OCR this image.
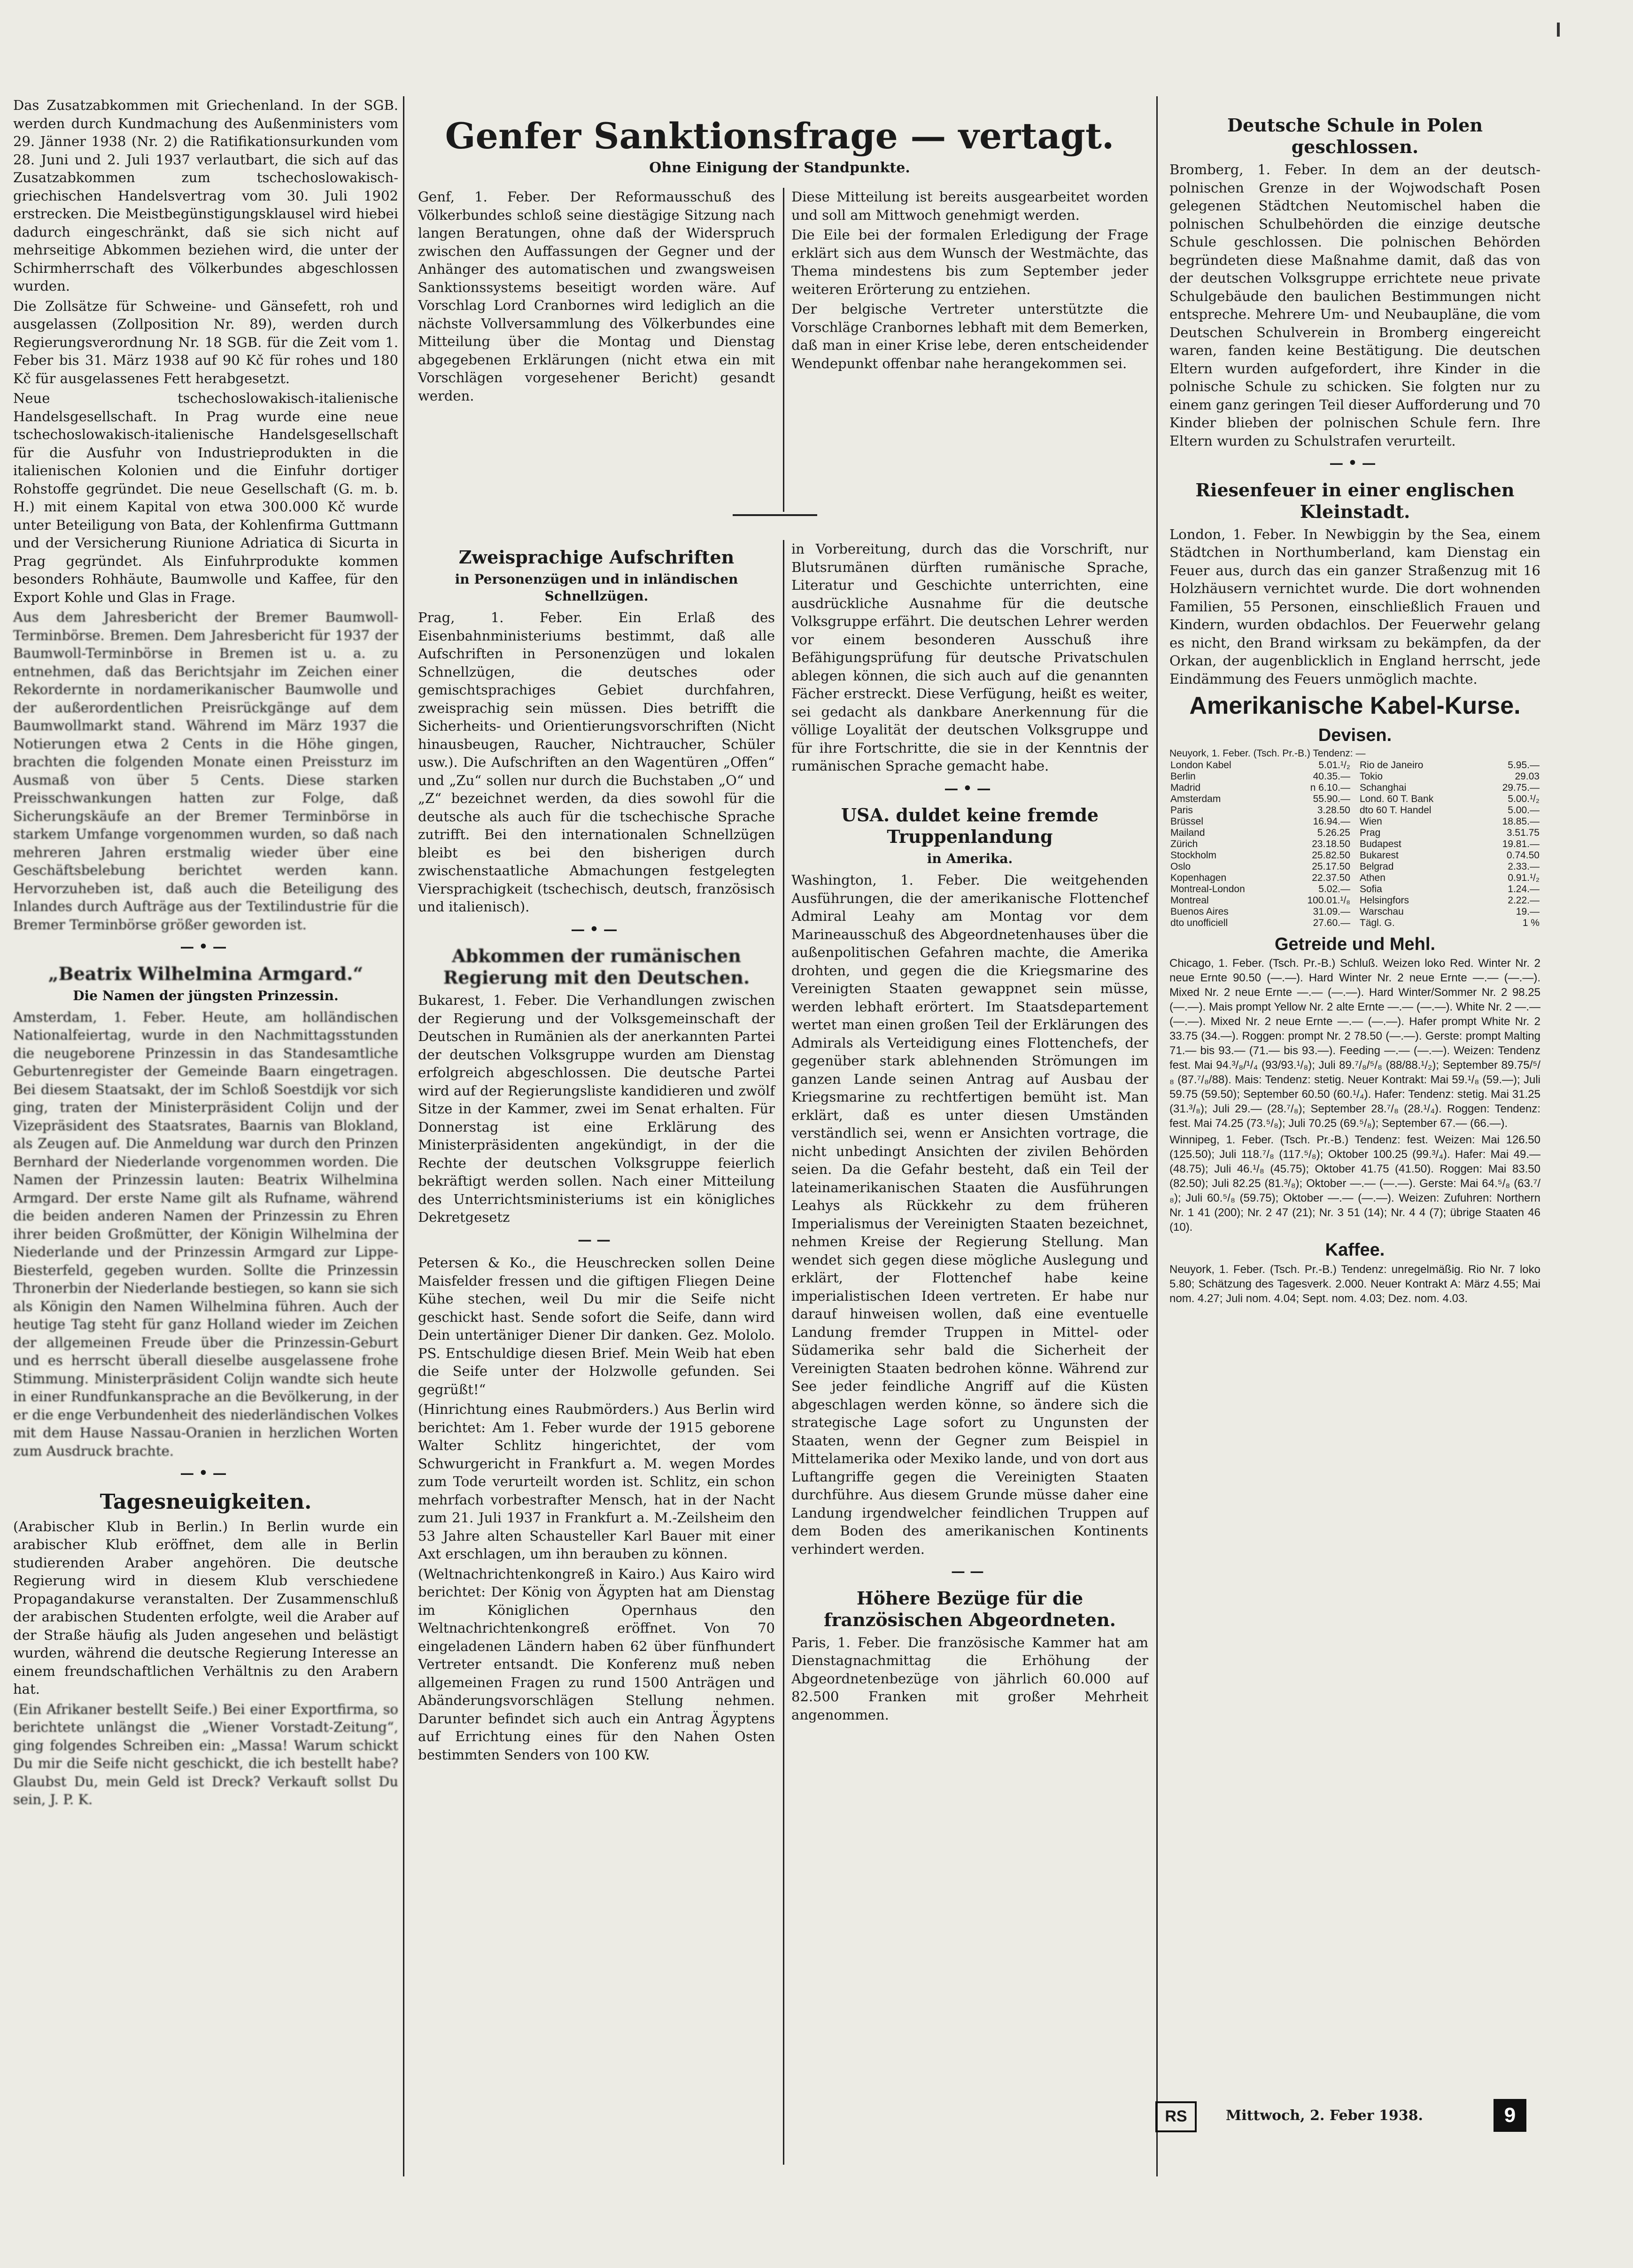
Das Zusatzabkommen mit Griechenland. In der SGB. werden durch Kundmachung des Außenministers vom 29. Jänner 1938 (Nr. 2) die Ratifikationsurkunden vom 28. Juni und 2. Juli 1937 verlautbart, die sich auf das Zusatzabkommen zum tschechoslowakisch-griechischen Handelsvertrag vom 30. Juli 1902 erstrecken. Die Meistbegünstigungsklausel wird hiebei dadurch eingeschränkt, daß sie sich nicht auf mehrseitige Abkommen beziehen wird, die unter der Schirmherrschaft des Völkerbundes abgeschlossen wurden.

Die Zollsätze für Schweine- und Gänsefett, roh und ausgelassen (Zollposition Nr. 89), werden durch Regierungsverordnung Nr. 18 SGB. für die Zeit vom 1. Feber bis 31. März 1938 auf 90 Kč für rohes und 180 Kč für ausgelassenes Fett herabgesetzt.

Neue tschechoslowakisch-italienische Handelsgesellschaft. In Prag wurde eine neue tschechoslowakisch-italienische Handelsgesellschaft für die Ausfuhr von Industrieprodukten in die italienischen Kolonien und die Einfuhr dortiger Rohstoffe gegründet. Die neue Gesellschaft (G. m. b. H.) mit einem Kapital von etwa 300.000 Kč wurde unter Beteiligung von Bata, der Kohlenfirma Guttmann und der Versicherung Riunione Adriatica di Sicurta in Prag gegründet. Als Einfuhrprodukte kommen besonders Rohhäute, Baumwolle und Kaffee, für den Export Kohle und Glas in Frage.

Aus dem Jahresbericht der Bremer Baumwoll-Terminbörse. Bremen. Dem Jahresbericht für 1937 der Baumwoll-Terminbörse in Bremen ist u. a. zu entnehmen, daß das Berichtsjahr im Zeichen einer Rekordernte in nordamerikanischer Baumwolle und der außerordentlichen Preisrückgänge auf dem Baumwollmarkt stand. Während im März 1937 die Notierungen etwa 2 Cents in die Höhe gingen, brachten die folgenden Monate einen Preissturz im Ausmaß von über 5 Cents. Diese starken Preisschwankungen hatten zur Folge, daß Sicherungskäufe an der Bremer Terminbörse in starkem Umfange vorgenommen wurden, so daß nach mehreren Jahren erstmalig wieder über eine Geschäftsbelebung berichtet werden kann. Hervorzuheben ist, daß auch die Beteiligung des Inlandes durch Aufträge aus der Textilindustrie für die Bremer Terminbörse größer geworden ist.

—•—
„Beatrix Wilhelmina Armgard.“
Die Namen der jüngsten Prinzessin.

Amsterdam, 1. Feber. Heute, am holländischen Nationalfeiertag, wurde in den Nachmittagsstunden die neugeborene Prinzessin in das Standesamtliche Geburtenregister der Gemeinde Baarn eingetragen. Bei diesem Staatsakt, der im Schloß Soestdijk vor sich ging, traten der Ministerpräsident Colijn und der Vizepräsident des Staatsrates, Baarnis van Blokland, als Zeugen auf. Die Anmeldung war durch den Prinzen Bernhard der Niederlande vorgenommen worden. Die Namen der Prinzessin lauten: Beatrix Wilhelmina Armgard. Der erste Name gilt als Rufname, während die beiden anderen Namen der Prinzessin zu Ehren ihrer beiden Großmütter, der Königin Wilhelmina der Niederlande und der Prinzessin Armgard zur Lippe-Biesterfeld, gegeben wurden. Sollte die Prinzessin Thronerbin der Niederlande bestiegen, so kann sie sich als Königin den Namen Wilhelmina führen. Auch der heutige Tag steht für ganz Holland wieder im Zeichen der allgemeinen Freude über die Prinzessin-Geburt und es herrscht überall dieselbe ausgelassene frohe Stimmung. Ministerpräsident Colijn wandte sich heute in einer Rundfunkansprache an die Bevölkerung, in der er die enge Verbundenheit des niederländischen Volkes mit dem Hause Nassau-Oranien in herzlichen Worten zum Ausdruck brachte.

—•—
Tagesneuigkeiten.

(Arabischer Klub in Berlin.) In Berlin wurde ein arabischer Klub eröffnet, dem alle in Berlin studierenden Araber angehören. Die deutsche Regierung wird in diesem Klub verschiedene Propagandakurse veranstalten. Der Zusammenschluß der arabischen Studenten erfolgte, weil die Araber auf der Straße häufig als Juden angesehen und belästigt wurden, während die deutsche Regierung Interesse an einem freundschaftlichen Verhältnis zu den Arabern hat.

(Ein Afrikaner bestellt Seife.) Bei einer Exportfirma, so berichtete unlängst die „Wiener Vorstadt-Zeitung“, ging folgendes Schreiben ein: „Massa! Warum schickt Du mir die Seife nicht geschickt, die ich bestellt habe? Glaubst Du, mein Geld ist Dreck? Verkauft sollst Du sein, J. P. K.

Genfer Sanktionsfrage — vertagt.
Ohne Einigung der Standpunkte.

Genf, 1. Feber. Der Reformausschuß des Völkerbundes schloß seine diestägige Sitzung nach langen Beratungen, ohne daß der Widerspruch zwischen den Auffassungen der Gegner und der Anhänger des automatischen und zwangsweisen Sanktionssystems beseitigt worden wäre. Auf Vorschlag Lord Cranbornes wird lediglich an die nächste Vollversammlung des Völkerbundes eine Mitteilung über die Montag und Dienstag abgegebenen Erklärungen (nicht etwa ein mit Vorschlägen vorgesehener Bericht) gesandt werden.

Diese Mitteilung ist bereits ausgearbeitet worden und soll am Mittwoch genehmigt werden.

Die Eile bei der formalen Erledigung der Frage erklärt sich aus dem Wunsch der Westmächte, das Thema mindestens bis zum September jeder weiteren Erörterung zu entziehen.

Der belgische Vertreter unterstützte die Vorschläge Cranbornes lebhaft mit dem Bemerken, daß man in einer Krise lebe, deren entscheidender Wendepunkt offenbar nahe herangekommen sei.

Zweisprachige Aufschriften
in Personenzügen und in inländischen Schnellzügen.

Prag, 1. Feber. Ein Erlaß des Eisenbahnministeriums bestimmt, daß alle Aufschriften in Personenzügen und lokalen Schnellzügen, die deutsches oder gemischtsprachiges Gebiet durchfahren, zweisprachig sein müssen. Dies betrifft die Sicherheits- und Orientierungsvorschriften (Nicht hinausbeugen, Raucher, Nichtraucher, Schüler usw.). Die Aufschriften an den Wagentüren „Offen“ und „Zu“ sollen nur durch die Buchstaben „O“ und „Z“ bezeichnet werden, da dies sowohl für die deutsche als auch für die tschechische Sprache zutrifft. Bei den internationalen Schnellzügen bleibt es bei den bisherigen durch zwischenstaatliche Abmachungen festgelegten Viersprachigkeit (tschechisch, deutsch, französisch und italienisch).

—•—
Abkommen der rumänischen Regierung mit den Deutschen.

Bukarest, 1. Feber. Die Verhandlungen zwischen der Regierung und der Volksgemeinschaft der Deutschen in Rumänien als der anerkannten Partei der deutschen Volksgruppe wurden am Dienstag erfolgreich abgeschlossen. Die deutsche Partei wird auf der Regierungsliste kandidieren und zwölf Sitze in der Kammer, zwei im Senat erhalten. Für Donnerstag ist eine Erklärung des Ministerpräsidenten angekündigt, in der die Rechte der deutschen Volksgruppe feierlich bekräftigt werden sollen. Nach einer Mitteilung des Unterrichtsministeriums ist ein königliches Dekretgesetz

——

Petersen & Ko., die Heuschrecken sollen Deine Maisfelder fressen und die giftigen Fliegen Deine Kühe stechen, weil Du mir die Seife nicht geschickt hast. Sende sofort die Seife, dann wird Dein untertäniger Diener Dir danken. Gez. Mololo. PS. Entschuldige diesen Brief. Mein Weib hat eben die Seife unter der Holzwolle gefunden. Sei gegrüßt!“

(Hinrichtung eines Raubmörders.) Aus Berlin wird berichtet: Am 1. Feber wurde der 1915 geborene Walter Schlitz hingerichtet, der vom Schwurgericht in Frankfurt a. M. wegen Mordes zum Tode verurteilt worden ist. Schlitz, ein schon mehrfach vorbestrafter Mensch, hat in der Nacht zum 21. Juli 1937 in Frankfurt a. M.-Zeilsheim den 53 Jahre alten Schausteller Karl Bauer mit einer Axt erschlagen, um ihn berauben zu können.

(Weltnachrichtenkongreß in Kairo.) Aus Kairo wird berichtet: Der König von Ägypten hat am Dienstag im Königlichen Opernhaus den Weltnachrichtenkongreß eröffnet. Von 70 eingeladenen Ländern haben 62 über fünfhundert Vertreter entsandt. Die Konferenz muß neben allgemeinen Fragen zu rund 1500 Anträgen und Abänderungsvorschlägen Stellung nehmen. Darunter befindet sich auch ein Antrag Ägyptens auf Errichtung eines für den Nahen Osten bestimmten Senders von 100 KW.

in Vorbereitung, durch das die Vorschrift, nur Blutsrumänen dürften rumänische Sprache, Literatur und Geschichte unterrichten, eine ausdrückliche Ausnahme für die deutsche Volksgruppe erfährt. Die deutschen Lehrer werden vor einem besonderen Ausschuß ihre Befähigungsprüfung für deutsche Privatschulen ablegen können, die sich auch auf die genannten Fächer erstreckt. Diese Verfügung, heißt es weiter, sei gedacht als dankbare Anerkennung für die völlige Loyalität der deutschen Volksgruppe und für ihre Fortschritte, die sie in der Kenntnis der rumänischen Sprache gemacht habe.

—•—
USA. duldet keine fremde Truppenlandung
in Amerika.

Washington, 1. Feber. Die weitgehenden Ausführungen, die der amerikanische Flottenchef Admiral Leahy am Montag vor dem Marineausschuß des Abgeordnetenhauses über die außenpolitischen Gefahren machte, die Amerika drohten, und gegen die die Kriegsmarine des Vereinigten Staaten gewappnet sein müsse, werden lebhaft erörtert. Im Staatsdepartement wertet man einen großen Teil der Erklärungen des Admirals als Verteidigung eines Flottenchefs, der gegenüber stark ablehnenden Strömungen im ganzen Lande seinen Antrag auf Ausbau der Kriegsmarine zu rechtfertigen bemüht ist. Man erklärt, daß es unter diesen Umständen verständlich sei, wenn er Ansichten vortrage, die nicht unbedingt Ansichten der zivilen Behörden seien. Da die Gefahr besteht, daß ein Teil der lateinamerikanischen Staaten die Ausführungen Leahys als Rückkehr zu dem früheren Imperialismus der Vereinigten Staaten bezeichnet, nehmen Kreise der Regierung Stellung. Man wendet sich gegen diese mögliche Auslegung und erklärt, der Flottenchef habe keine imperialistischen Ideen vertreten. Er habe nur darauf hinweisen wollen, daß eine eventuelle Landung fremder Truppen in Mittel- oder Südamerika sehr bald die Sicherheit der Vereinigten Staaten bedrohen könne. Während zur See jeder feindliche Angriff auf die Küsten abgeschlagen werden könne, so ändere sich die strategische Lage sofort zu Ungunsten der Staaten, wenn der Gegner zum Beispiel in Mittelamerika oder Mexiko lande, und von dort aus Luftangriffe gegen die Vereinigten Staaten durchführe. Aus diesem Grunde müsse daher eine Landung irgendwelcher feindlichen Truppen auf dem Boden des amerikanischen Kontinents verhindert werden.

——
Höhere Bezüge für die französischen Abgeordneten.

Paris, 1. Feber. Die französische Kammer hat am Dienstagnachmittag die Erhöhung der Abgeordnetenbezüge von jährlich 60.000 auf 82.500 Franken mit großer Mehrheit angenommen.

Deutsche Schule in Polen geschlossen.

Bromberg, 1. Feber. In dem an der deutsch-polnischen Grenze in der Wojwodschaft Posen gelegenen Städtchen Neutomischel haben die polnischen Schulbehörden die einzige deutsche Schule geschlossen. Die polnischen Behörden begründeten diese Maßnahme damit, daß das von der deutschen Volksgruppe errichtete neue private Schulgebäude den baulichen Bestimmungen nicht entspreche. Mehrere Um- und Neubaupläne, die vom Deutschen Schulverein in Bromberg eingereicht waren, fanden keine Bestätigung. Die deutschen Eltern wurden aufgefordert, ihre Kinder in die polnische Schule zu schicken. Sie folgten nur zu einem ganz geringen Teil dieser Aufforderung und 70 Kinder blieben der polnischen Schule fern. Ihre Eltern wurden zu Schulstrafen verurteilt.

—•—
Riesenfeuer in einer englischen Kleinstadt.

London, 1. Feber. In Newbiggin by the Sea, einem Städtchen in Northumberland, kam Dienstag ein Feuer aus, durch das ein ganzer Straßenzug mit 16 Holzhäusern vernichtet wurde. Die dort wohnenden Familien, 55 Personen, einschließlich Frauen und Kindern, wurden obdachlos. Der Feuerwehr gelang es nicht, den Brand wirksam zu bekämpfen, da der Orkan, der augenblicklich in England herrscht, jede Eindämmung des Feuers unmöglich machte.

Amerikanische Kabel-Kurse.
Devisen.
Neuyork, 1. Feber. (Tsch. Pr.-B.) Tendenz: —
London Kabel	5.01.¹/₂
Berlin	40.35.—
Madrid	n 6.10.—
Amsterdam	55.90.—
Paris	3.28.50
Brüssel	16.94.—
Mailand	5.26.25
Zürich	23.18.50
Stockholm	25.82.50
Oslo	25.17.50
Kopenhagen	22.37.50
Montreal-London	5.02.—
Montreal	100.01.¹/₈
Buenos Aires	31.09.—
dto unofficiell	27.60.—
Rio de Janeiro	5.95.—
Tokio	29.03
Schanghai	29.75.—
Lond. 60 T. Bank	5.00.¹/₂
dto 60 T. Handel	5.00.—
Wien	18.85.—
Prag	3.51.75
Budapest	19.81.—
Bukarest	0.74.50
Belgrad	2.33.—
Athen	0.91.¹/₂
Sofia	1.24.—
Helsingfors	2.22.—
Warschau	19.—
Tägl. G.	1 %
Getreide und Mehl.

Chicago, 1. Feber. (Tsch. Pr.-B.) Schluß. Weizen loko Red. Winter Nr. 2 neue Ernte 90.50 (—.—). Hard Winter Nr. 2 neue Ernte —.— (—.—). Mixed Nr. 2 neue Ernte —.— (—.—). Hard Winter/Sommer Nr. 2 98.25 (—.—). Mais prompt Yellow Nr. 2 alte Ernte —.— (—.—). White Nr. 2 —.— (—.—). Mixed Nr. 2 neue Ernte —.— (—.—). Hafer prompt White Nr. 2 33.75 (34.—). Roggen: prompt Nr. 2 78.50 (—.—). Gerste: prompt Malting 71.— bis 93.— (71.— bis 93.—). Feeding —.— (—.—). Weizen: Tendenz fest. Mai 94.³/₈/¹/₄ (93/93.¹/₈); Juli 89.⁷/₈/⁵/₈ (88/88.¹/₂); September 89.75/⁵/₈ (87.⁷/₈/88). Mais: Tendenz: stetig. Neuer Kontrakt: Mai 59.¹/₈ (59.—); Juli 59.75 (59.50); September 60.50 (60.¹/₄). Hafer: Tendenz: stetig. Mai 31.25 (31.³/₈); Juli 29.— (28.⁷/₈); September 28.⁷/₈ (28.¹/₄). Roggen: Tendenz: fest. Mai 74.25 (73.⁵/₈); Juli 70.25 (69.⁵/₈); September 67.— (66.—).

Winnipeg, 1. Feber. (Tsch. Pr.-B.) Tendenz: fest. Weizen: Mai 126.50 (125.50); Juli 118.⁷/₈ (117.⁵/₈); Oktober 100.25 (99.³/₄). Hafer: Mai 49.— (48.75); Juli 46.¹/₈ (45.75); Oktober 41.75 (41.50). Roggen: Mai 83.50 (82.50); Juli 82.25 (81.³/₈); Oktober —.— (—.—). Gerste: Mai 64.⁵/₈ (63.⁷/₈); Juli 60.⁵/₈ (59.75); Oktober —.— (—.—). Weizen: Zufuhren: Northern Nr. 1 41 (200); Nr. 2 47 (21); Nr. 3 51 (14); Nr. 4 4 (7); übrige Staaten 46 (10).

Kaffee.

Neuyork, 1. Feber. (Tsch. Pr.-B.) Tendenz: unregelmäßig. Rio Nr. 7 loko 5.80; Schätzung des Tagesverk. 2.000. Neuer Kontrakt A: März 4.55; Mai nom. 4.27; Juli nom. 4.04; Sept. nom. 4.03; Dez. nom. 4.03.

RS	Mittwoch, 2. Feber 1938.	9
